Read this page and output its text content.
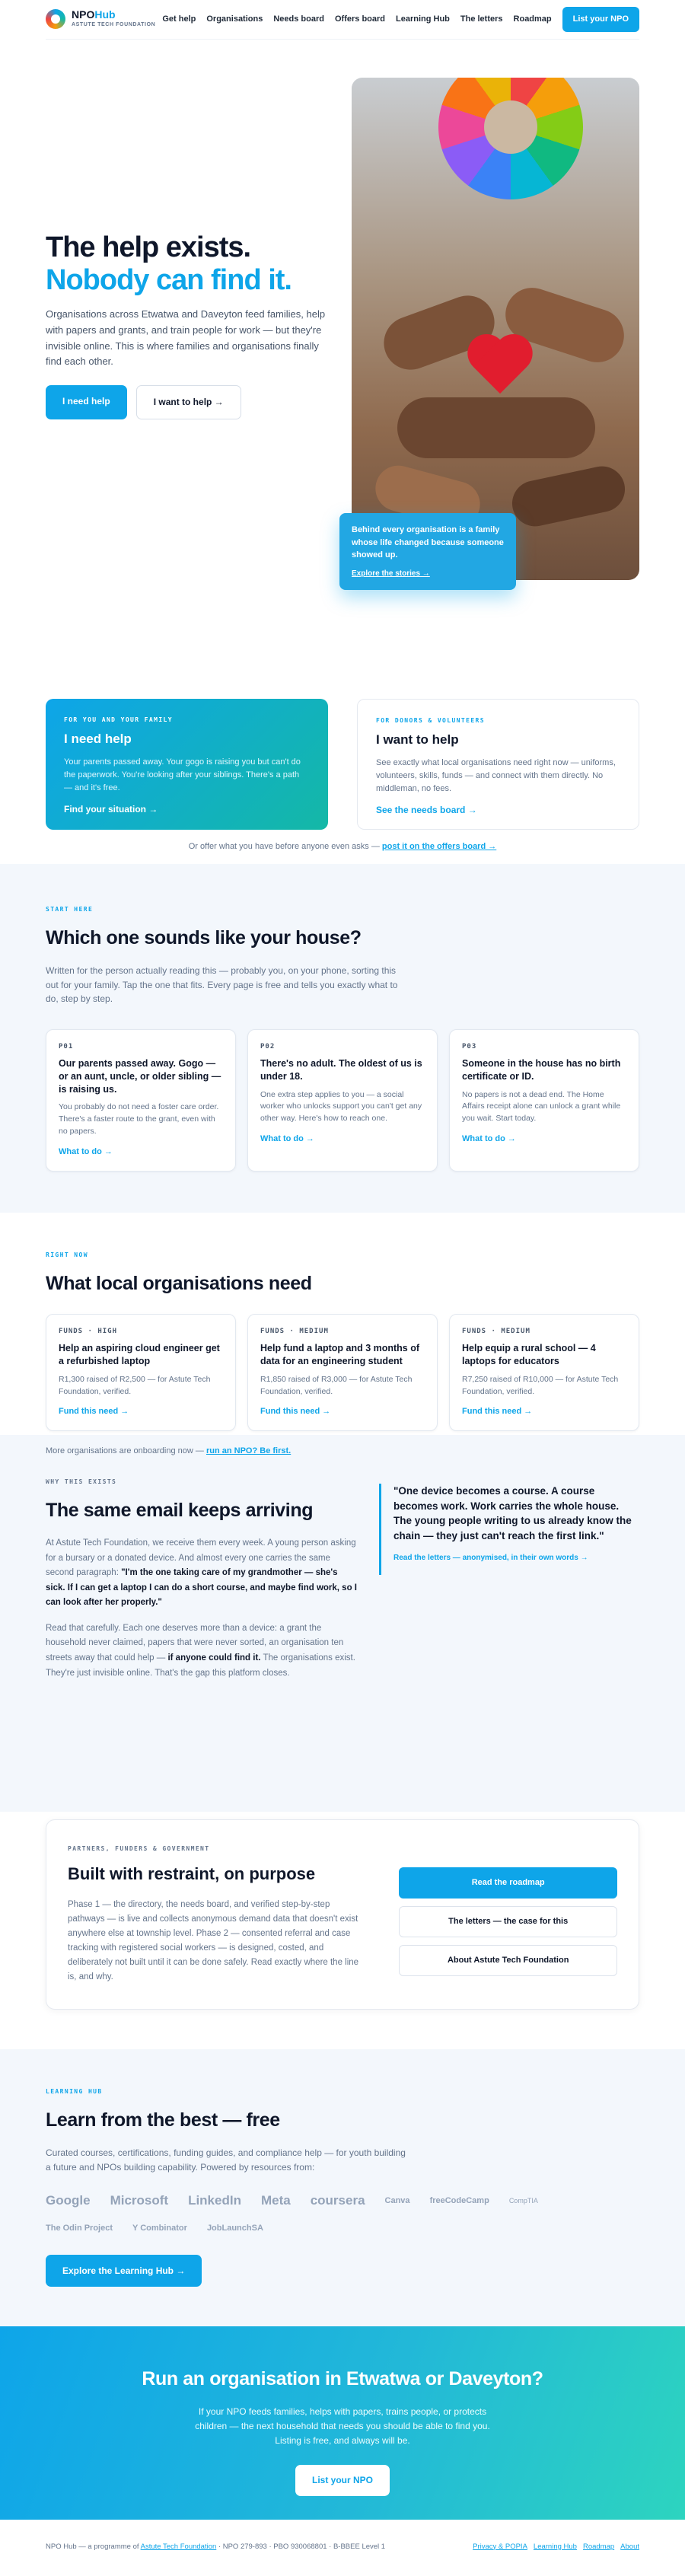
NPOHub
ASTUTE TECH FOUNDATION
Get help Organisations Needs board Offers board Learning Hub The letters Roadmap	List your NPO
The help exists.
Nobody can find it.

Organisations across Etwatwa and Daveyton feed families, help with papers and grants, and train people for work — but they're invisible online. This is where families and organisations finally find each other.

I need help	I want to help →

Behind every organisation is a family whose life changed because someone showed up.

Explore the stories →
FOR YOU AND YOUR FAMILY
I need help

Your parents passed away. Your gogo is raising you but can't do the paperwork. You're looking after your siblings. There's a path — and it's free.

Find your situation →
FOR DONORS & VOLUNTEERS
I want to help

See exactly what local organisations need right now — uniforms, volunteers, skills, funds — and connect with them directly. No middleman, no fees.

See the needs board →

Or offer what you have before anyone even asks — post it on the offers board →

START HERE
Which one sounds like your house?

Written for the person actually reading this — probably you, on your phone, sorting this out for your family. Tap the one that fits. Every page is free and tells you exactly what to do, step by step.

P01
Our parents passed away. Gogo — or an aunt, uncle, or older sibling — is raising us.

You probably do not need a foster care order. There's a faster route to the grant, even with no papers.

What to do →
P02
There's no adult. The oldest of us is under 18.

One extra step applies to you — a social worker who unlocks support you can't get any other way. Here's how to reach one.

What to do →
P03
Someone in the house has no birth certificate or ID.

No papers is not a dead end. The Home Affairs receipt alone can unlock a grant while you wait. Start today.

What to do →
RIGHT NOW
What local organisations need
FUNDS · HIGH
Help an aspiring cloud engineer get a refurbished laptop

R1,300 raised of R2,500 — for Astute Tech Foundation, verified.

Fund this need →
FUNDS · MEDIUM
Help fund a laptop and 3 months of data for an engineering student

R1,850 raised of R3,000 — for Astute Tech Foundation, verified.

Fund this need →
FUNDS · MEDIUM
Help equip a rural school — 4 laptops for educators

R7,250 raised of R10,000 — for Astute Tech Foundation, verified.

Fund this need →

More organisations are onboarding now — run an NPO? Be first.

WHY THIS EXISTS
The same email keeps arriving

At Astute Tech Foundation, we receive them every week. A young person asking for a bursary or a donated device. And almost every one carries the same second paragraph: "I'm the one taking care of my grandmother — she's sick. If I can get a laptop I can do a short course, and maybe find work, so I can look after her properly."

Read that carefully. Each one deserves more than a device: a grant the household never claimed, papers that were never sorted, an organisation ten streets away that could help — if anyone could find it. The organisations exist. They're just invisible online. That's the gap this platform closes.

"One device becomes a course. A course becomes work. Work carries the whole house. The young people writing to us already know the chain — they just can't reach the first link."
Read the letters — anonymised, in their own words →
PARTNERS, FUNDERS & GOVERNMENT
Built with restraint, on purpose

Phase 1 — the directory, the needs board, and verified step-by-step pathways — is live and collects anonymous demand data that doesn't exist anywhere else at township level. Phase 2 — consented referral and case tracking with registered social workers — is designed, costed, and deliberately not built until it can be done safely. Read exactly where the line is, and why.

Read the roadmap
The letters — the case for this
About Astute Tech Foundation
LEARNING HUB
Learn from the best — free

Curated courses, certifications, funding guides, and compliance help — for youth building a future and NPOs building capability. Powered by resources from:

Google Microsoft LinkedIn Meta coursera Canva freeCodeCamp	CompTIA
The Odin Project Y Combinator JobLaunchSA
Explore the Learning Hub →
Run an organisation in Etwatwa or Daveyton?

If your NPO feeds families, helps with papers, trains people, or protects children — the next household that needs you should be able to find you. Listing is free, and always will be.

List your NPO
NPO Hub — a programme of Astute Tech Foundation · NPO 279-893 · PBO 930068801 · B-BBEE Level 1	Privacy & POPIA Learning Hub Roadmap About
